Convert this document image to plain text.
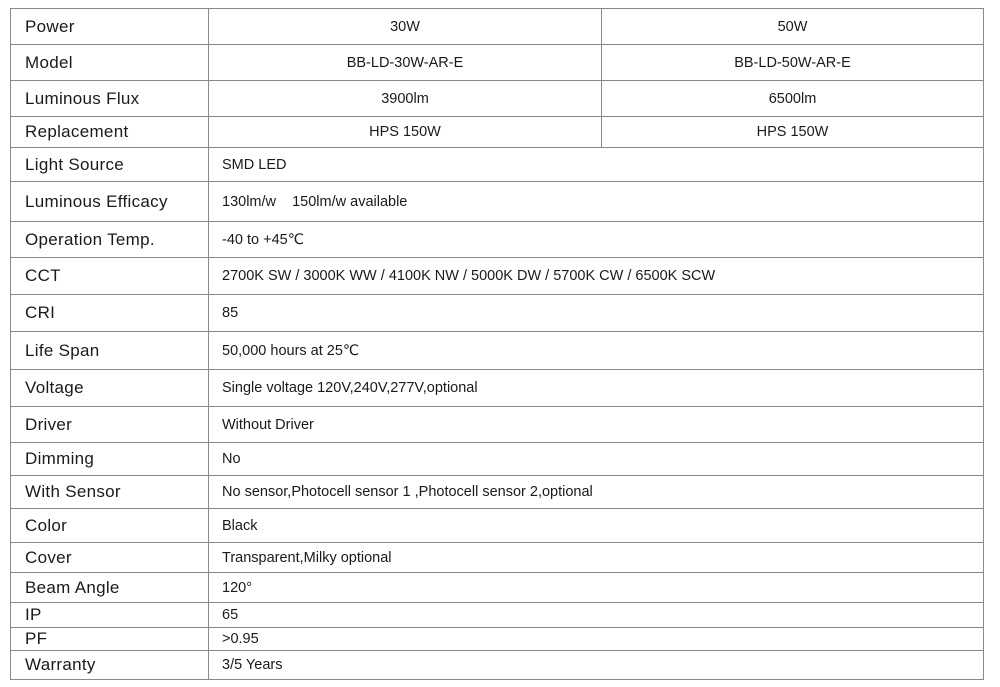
Power	30W	50W
Model	BB-LD-30W-AR-E	BB-LD-50W-AR-E
Luminous Flux	3900lm	6500lm
Replacement	HPS 150W	HPS 150W
Light Source	SMD LED	
Luminous Efficacy	130lm/w    150lm/w available	
Operation Temp.	-40 to +45℃	
CCT	2700K SW / 3000K WW / 4100K NW / 5000K DW / 5700K CW / 6500K SCW	
CRI	85	
Life Span	50,000 hours at 25℃	
Voltage	Single voltage 120V,240V,277V,optional	
Driver	Without Driver	
Dimming	No	
With Sensor	No sensor,Photocell sensor 1 ,Photocell sensor 2,optional	
Color	Black	
Cover	Transparent,Milky optional	
Beam Angle	120°	
IP	65	
PF	>0.95	
Warranty	3/5 Years	
